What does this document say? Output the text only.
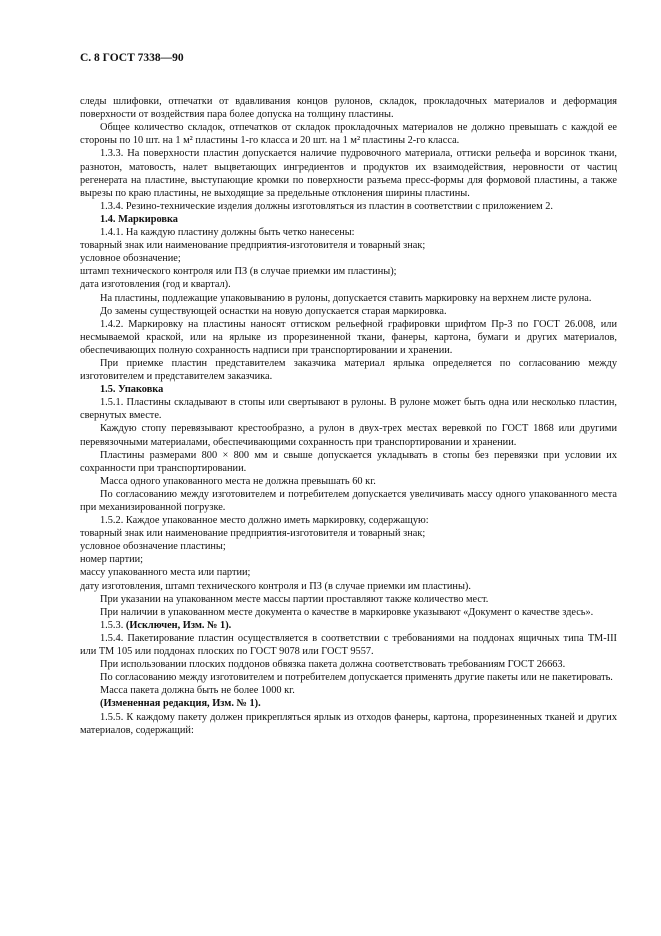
С. 8 ГОСТ 7338—90

следы шлифовки, отпечатки от вдавливания концов рулонов, складок, прокладочных материалов и деформация поверхности от воздействия пара более допуска на толщину пластины.

Общее количество складок, отпечатков от складок прокладочных материалов не должно превышать с каждой ее стороны по 10 шт. на 1 м² пластины 1-го класса и 20 шт. на 1 м² пластины 2-го класса.

1.3.3. На поверхности пластин допускается наличие пудровочного материала, оттиски рельефа и ворсинок ткани, разнотон, матовость, налет выцветающих ингредиентов и продуктов их взаимодействия, неровности от частиц регенерата на пластине, выступающие кромки по поверхности разъема пресс-формы для формовой пластины, а также вырезы по краю пластины, не выходящие за предельные отклонения ширины пластины.

1.3.4. Резино-технические изделия должны изготовляться из пластин в соответствии с приложением 2.

1.4. Маркировка

1.4.1. На каждую пластину должны быть четко нанесены:

товарный знак или наименование предприятия-изготовителя и товарный знак;

условное обозначение;

штамп технического контроля или ПЗ (в случае приемки им пластины);

дата изготовления (год и квартал).

На пластины, подлежащие упаковыванию в рулоны, допускается ставить маркировку на верхнем листе рулона.

До замены существующей оснастки на новую допускается старая маркировка.

1.4.2. Маркировку на пластины наносят оттиском рельефной графировки шрифтом Пр-3 по ГОСТ 26.008, или несмываемой краской, или на ярлыке из прорезиненной ткани, фанеры, картона, бумаги и других материалов, обеспечивающих полную сохранность надписи при транспортировании и хранении.

При приемке пластин представителем заказчика материал ярлыка определяется по согласованию между изготовителем и представителем заказчика.

1.5. Упаковка

1.5.1. Пластины складывают в стопы или свертывают в рулоны. В рулоне может быть одна или несколько пластин, свернутых вместе.

Каждую стопу перевязывают крестообразно, а рулон в двух-трех местах веревкой по ГОСТ 1868 или другими перевязочными материалами, обеспечивающими сохранность при транспортировании и хранении.

Пластины размерами 800 × 800 мм и свыше допускается укладывать в стопы без перевязки при условии их сохранности при транспортировании.

Масса одного упакованного места не должна превышать 60 кг.

По согласованию между изготовителем и потребителем допускается увеличивать массу одного упакованного места при механизированной погрузке.

1.5.2. Каждое упакованное место должно иметь маркировку, содержащую:

товарный знак или наименование предприятия-изготовителя и товарный знак;

условное обозначение пластины;

номер партии;

массу упакованного места или партии;

дату изготовления, штамп технического контроля и ПЗ (в случае приемки им пластины).

При указании на упакованном месте массы партии проставляют также количество мест.

При наличии в упакованном месте документа о качестве в маркировке указывают «Документ о качестве здесь».

1.5.3. (Исключен, Изм. № 1).

1.5.4. Пакетирование пластин осуществляется в соответствии с требованиями на поддонах ящичных типа ТМ-III или ТМ 105 или поддонах плоских по ГОСТ 9078 или ГОСТ 9557.

При использовании плоских поддонов обвязка пакета должна соответствовать требованиям ГОСТ 26663.

По согласованию между изготовителем и потребителем допускается применять другие пакеты или не пакетировать.

Масса пакета должна быть не более 1000 кг.

(Измененная редакция, Изм. № 1).

1.5.5. К каждому пакету должен прикрепляться ярлык из отходов фанеры, картона, прорезиненных тканей и других материалов, содержащий:
